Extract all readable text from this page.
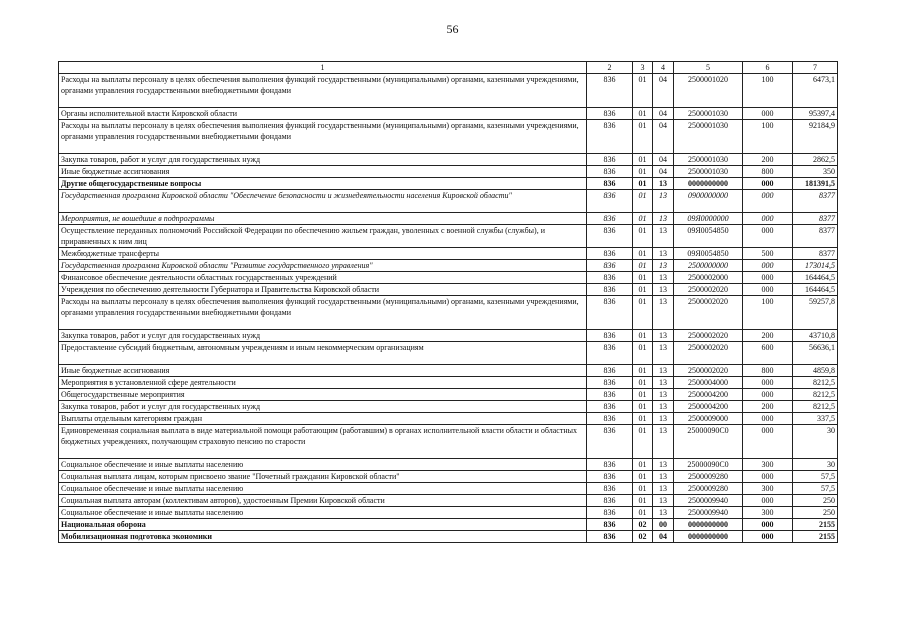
56
1	2	3	4	5	6	7
Расходы на выплаты персоналу в целях обеспечения выполнения функций государственными (муниципальными) органами, казенными учреждениями, органами управления государственными внебюджетными фондами	836	01	04	2500001020	100	6473,1
Органы исполнительной власти Кировской области	836	01	04	2500001030	000	95397,4
Расходы на выплаты персоналу в целях обеспечения выполнения функций государственными (муниципальными) органами, казенными учреждениями, органами управления государственными внебюджетными фондами	836	01	04	2500001030	100	92184,9
Закупка товаров, работ и услуг для государственных нужд	836	01	04	2500001030	200	2862,5
Иные бюджетные ассигнования	836	01	04	2500001030	800	350
Другие общегосударственные вопросы	836	01	13	0000000000	000	181391,5
Государственная программа Кировской области "Обеспечение безопасности и жизнедеятельности населения Кировской области"	836	01	13	0900000000	000	8377
Мероприятия, не вошедшие в подпрограммы	836	01	13	09Я0000000	000	8377
Осуществление переданных полномочий Российской Федерации по обеспечению жильем граждан, уволенных с военной службы (службы), и приравненных к ним лиц	836	01	13	09Я0054850	000	8377
Межбюджетные трансферты	836	01	13	09Я0054850	500	8377
Государственная программа Кировской области "Развитие государственного управления"	836	01	13	2500000000	000	173014,5
Финансовое обеспечение деятельности областных государственных учреждений	836	01	13	2500002000	000	164464,5
Учреждения по обеспечению деятельности Губернатора и Правительства Кировской области	836	01	13	2500002020	000	164464,5
Расходы на выплаты персоналу в целях обеспечения выполнения функций государственными (муниципальными) органами, казенными учреждениями, органами управления государственными внебюджетными фондами	836	01	13	2500002020	100	59257,8
Закупка товаров, работ и услуг для государственных нужд	836	01	13	2500002020	200	43710,8
Предоставление субсидий бюджетным, автономным учреждениям и иным некоммерческим организациям	836	01	13	2500002020	600	56636,1
Иные бюджетные ассигнования	836	01	13	2500002020	800	4859,8
Мероприятия в установленной сфере деятельности	836	01	13	2500004000	000	8212,5
Общегосударственные мероприятия	836	01	13	2500004200	000	8212,5
Закупка товаров, работ и услуг для государственных нужд	836	01	13	2500004200	200	8212,5
Выплаты отдельным категориям граждан	836	01	13	2500009000	000	337,5
Единовременная социальная выплата в виде материальной помощи работающим (работавшим) в органах исполнительной власти области и областных бюджетных учреждениях, получающим страховую пенсию по старости	836	01	13	25000090С0	000	30
Социальное обеспечение и иные выплаты населению	836	01	13	25000090С0	300	30
Социальная выплата лицам, которым присвоено звание "Почетный гражданин Кировской области"	836	01	13	2500009280	000	57,5
Социальное обеспечение и иные выплаты населению	836	01	13	2500009280	300	57,5
Социальная выплата авторам (коллективам авторов), удостоенным Премии Кировской области	836	01	13	2500009940	000	250
Социальное обеспечение и иные выплаты населению	836	01	13	2500009940	300	250
Национальная оборона	836	02	00	0000000000	000	2155
Мобилизационная подготовка экономики	836	02	04	0000000000	000	2155
